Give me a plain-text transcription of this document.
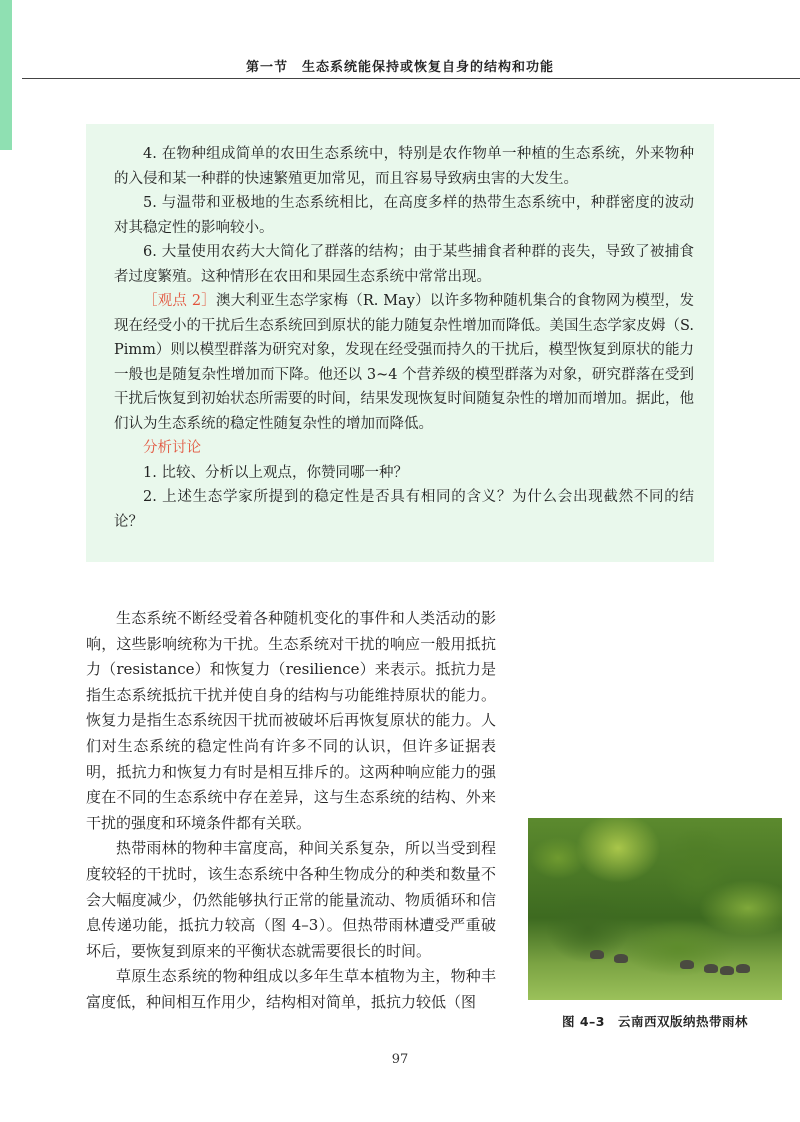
第一节　生态系统能保持或恢复自身的结构和功能

4. 在物种组成简单的农田生态系统中，特别是农作物单一种植的生态系统，外来物种的入侵和某一种群的快速繁殖更加常见，而且容易导致病虫害的大发生。

5. 与温带和亚极地的生态系统相比，在高度多样的热带生态系统中，种群密度的波动对其稳定性的影响较小。

6. 大量使用农药大大简化了群落的结构；由于某些捕食者种群的丧失，导致了被捕食者过度繁殖。这种情形在农田和果园生态系统中常常出现。

［观点 2］澳大利亚生态学家梅（R. May）以许多物种随机集合的食物网为模型，发现在经受小的干扰后生态系统回到原状的能力随复杂性增加而降低。美国生态学家皮姆（S. Pimm）则以模型群落为研究对象，发现在经受强而持久的干扰后，模型恢复到原状的能力一般也是随复杂性增加而下降。他还以 3~4 个营养级的模型群落为对象，研究群落在受到干扰后恢复到初始状态所需要的时间，结果发现恢复时间随复杂性的增加而增加。据此，他们认为生态系统的稳定性随复杂性的增加而降低。

分析讨论

1. 比较、分析以上观点，你赞同哪一种？

2. 上述生态学家所提到的稳定性是否具有相同的含义？为什么会出现截然不同的结论？

生态系统不断经受着各种随机变化的事件和人类活动的影响，这些影响统称为干扰。生态系统对干扰的响应一般用抵抗力（resistance）和恢复力（resilience）来表示。抵抗力是指生态系统抵抗干扰并使自身的结构与功能维持原状的能力。恢复力是指生态系统因干扰而被破坏后再恢复原状的能力。人们对生态系统的稳定性尚有许多不同的认识，但许多证据表明，抵抗力和恢复力有时是相互排斥的。这两种响应能力的强度在不同的生态系统中存在差异，这与生态系统的结构、外来干扰的强度和环境条件都有关联。

热带雨林的物种丰富度高，种间关系复杂，所以当受到程度较轻的干扰时，该生态系统中各种生物成分的种类和数量不会大幅度减少，仍然能够执行正常的能量流动、物质循环和信息传递功能，抵抗力较高（图 4–3）。但热带雨林遭受严重破坏后，要恢复到原来的平衡状态就需要很长的时间。

草原生态系统的物种组成以多年生草本植物为主，物种丰富度低，种间相互作用少，结构相对简单，抵抗力较低（图

图 4–3　云南西双版纳热带雨林
97
